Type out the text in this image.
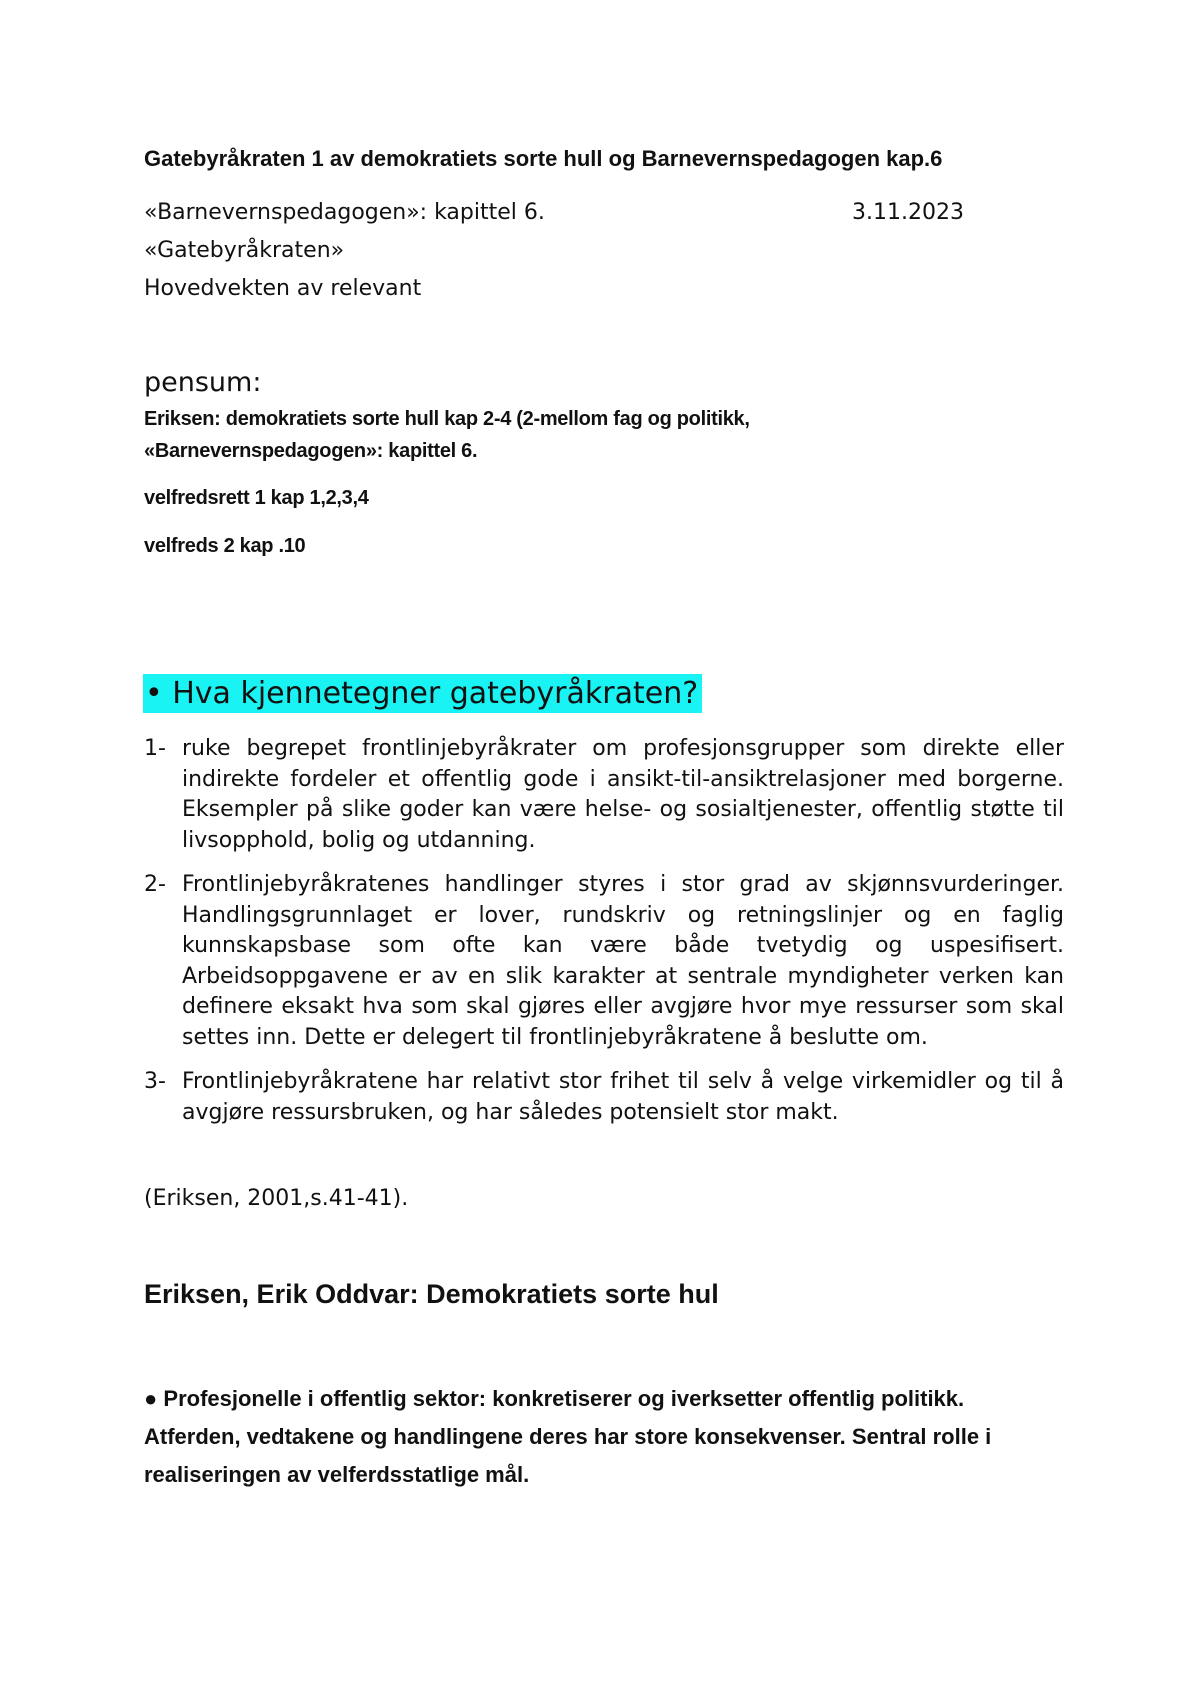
Gatebyråkraten 1 av demokratiets sorte hull og Barnevernspedagogen kap.6
«Barnevernspedagogen»: kapittel 6.	3.11.2023
«Gatebyråkraten»
Hovedvekten av relevant
pensum:
Eriksen: demokratiets sorte hull kap 2-4 (2-mellom fag og politikk,
«Barnevernspedagogen»: kapittel 6.
velfredsrett 1 kap 1,2,3,4
velfreds 2 kap .10
• Hva kjennetegner gatebyråkraten?
1- ruke begrepet frontlinjebyråkrater om profesjonsgrupper som direkte eller indirekte fordeler et offentlig gode i ansikt-til-ansiktrelasjoner med borgerne. Eksempler på slike goder kan være helse- og sosialtjenester, offentlig støtte til livsopphold, bolig og utdanning.
2- Frontlinjebyråkratenes handlinger styres i stor grad av skjønnsvurderinger. Handlingsgrunnlaget er lover, rundskriv og retningslinjer og en faglig kunnskapsbase som ofte kan være både tvetydig og uspesifisert. Arbeidsoppgavene er av en slik karakter at sentrale myndigheter verken kan definere eksakt hva som skal gjøres eller avgjøre hvor mye ressurser som skal settes inn. Dette er delegert til frontlinjebyråkratene å beslutte om.
3- Frontlinjebyråkratene har relativt stor frihet til selv å velge virkemidler og til å avgjøre ressursbruken, og har således potensielt stor makt.
(Eriksen, 2001,s.41-41).
Eriksen, Erik Oddvar: Demokratiets sorte hul
● Profesjonelle i offentlig sektor: konkretiserer og iverksetter offentlig politikk. Atferden, vedtakene og handlingene deres har store konsekvenser. Sentral rolle i realiseringen av velferdsstatlige mål.
